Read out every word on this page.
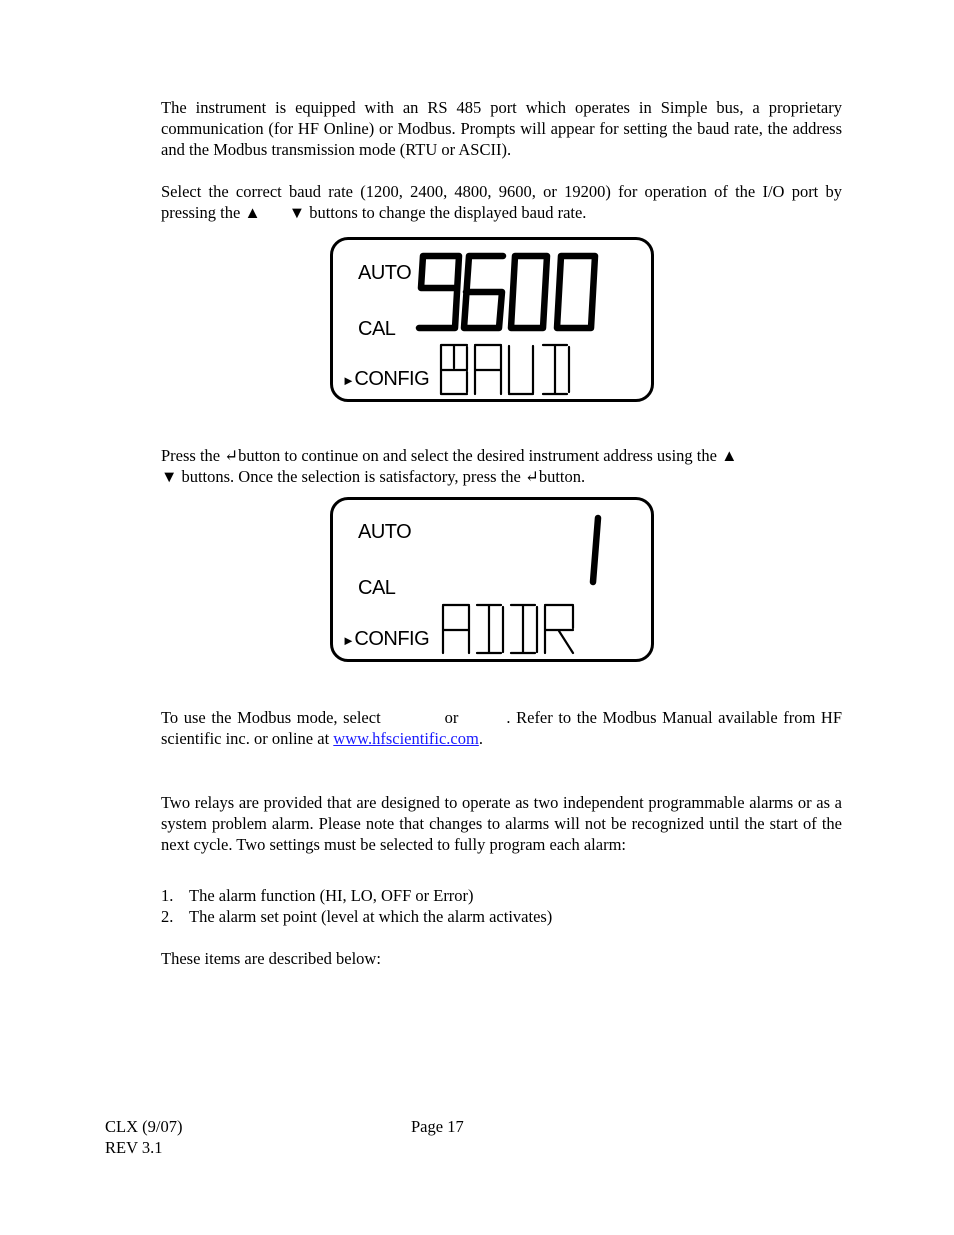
The instrument is equipped with an RS 485 port which operates in Simple bus, a proprietary communication (for HF Online) or Modbus. Prompts will appear for setting the baud rate, the address and the Modbus transmission mode (RTU or ASCII).

Select the correct baud rate (1200, 2400, 4800, 9600, or 19200) for operation of the I/O port by pressing the ▲ ▼ buttons to change the displayed baud rate.

AUTO
CAL
►CONFIG

Press the ↵button to continue on and select the desired instrument address using the ▲
▼ buttons. Once the selection is satisfactory, press the ↵button.

AUTO
CAL
►CONFIG

To use the Modbus mode, select	or	. Refer to the Modbus Manual available from HF scientific inc. or online at www.hfscientific.com.

Two relays are provided that are designed to operate as two independent programmable alarms or as a system problem alarm. Please note that changes to alarms will not be recognized until the start of the next cycle. Two settings must be selected to fully program each alarm:

1. The alarm function (HI, LO, OFF or Error)
2. The alarm set point (level at which the alarm activates)

These items are described below:

CLX (9/07)
REV 3.1
Page 17
